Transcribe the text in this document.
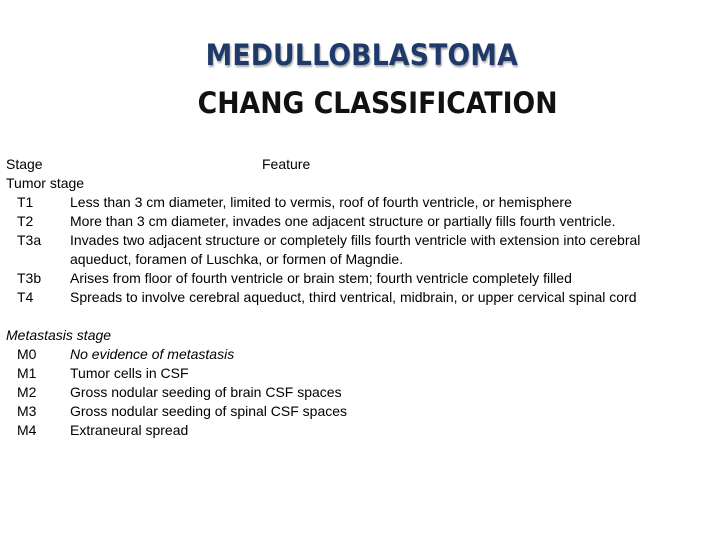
MEDULLOBLASTOMA
CHANG CLASSIFICATION
Stage	Feature
Tumor stage
T1	Less than 3 cm diameter, limited to vermis, roof of fourth ventricle, or hemisphere
T2	More than 3 cm diameter, invades one adjacent structure or partially fills fourth ventricle.
T3a Invades two adjacent structure or completely fills fourth ventricle with extension into cerebral
aqueduct, foramen of Luschka, or formen of Magndie.
T3b Arises from floor of fourth ventricle or brain stem; fourth ventricle completely filled
T4	Spreads to involve cerebral aqueduct, third ventrical, midbrain, or upper cervical spinal cord
Metastasis stage
M0 No evidence of metastasis
M1 Tumor cells in CSF
M2 Gross nodular seeding of brain CSF spaces
M3 Gross nodular seeding of spinal CSF spaces
M4 Extraneural spread
